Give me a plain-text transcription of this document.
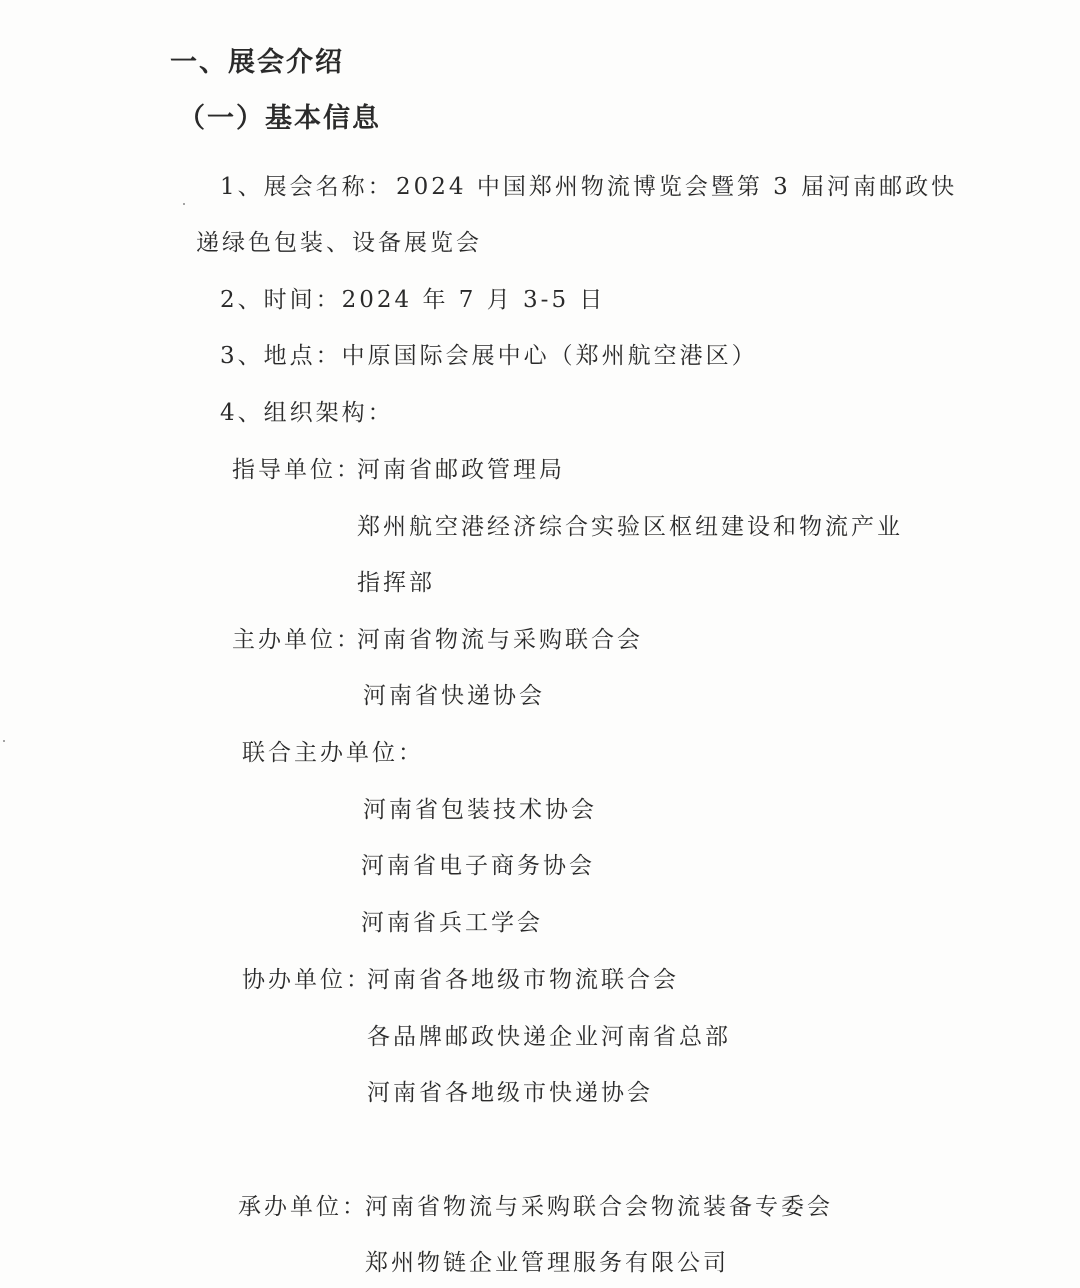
一、展会介绍
（一）基本信息
1、展会名称： 2024 中国郑州物流博览会暨第 3 届河南邮政快
递绿色包装、设备展览会
2、时间：2024 年 7 月 3-5 日
3、地点：中原国际会展中心（郑州航空港区）
4、组织架构：
指导单位：
河南省邮政管理局
郑州航空港经济综合实验区枢纽建设和物流产业
指挥部
主办单位：
河南省物流与采购联合会
河南省快递协会
联合主办单位：
河南省包装技术协会
河南省电子商务协会
河南省兵工学会
协办单位：
河南省各地级市物流联合会
各品牌邮政快递企业河南省总部
河南省各地级市快递协会
承办单位：
河南省物流与采购联合会物流装备专委会
郑州物链企业管理服务有限公司
